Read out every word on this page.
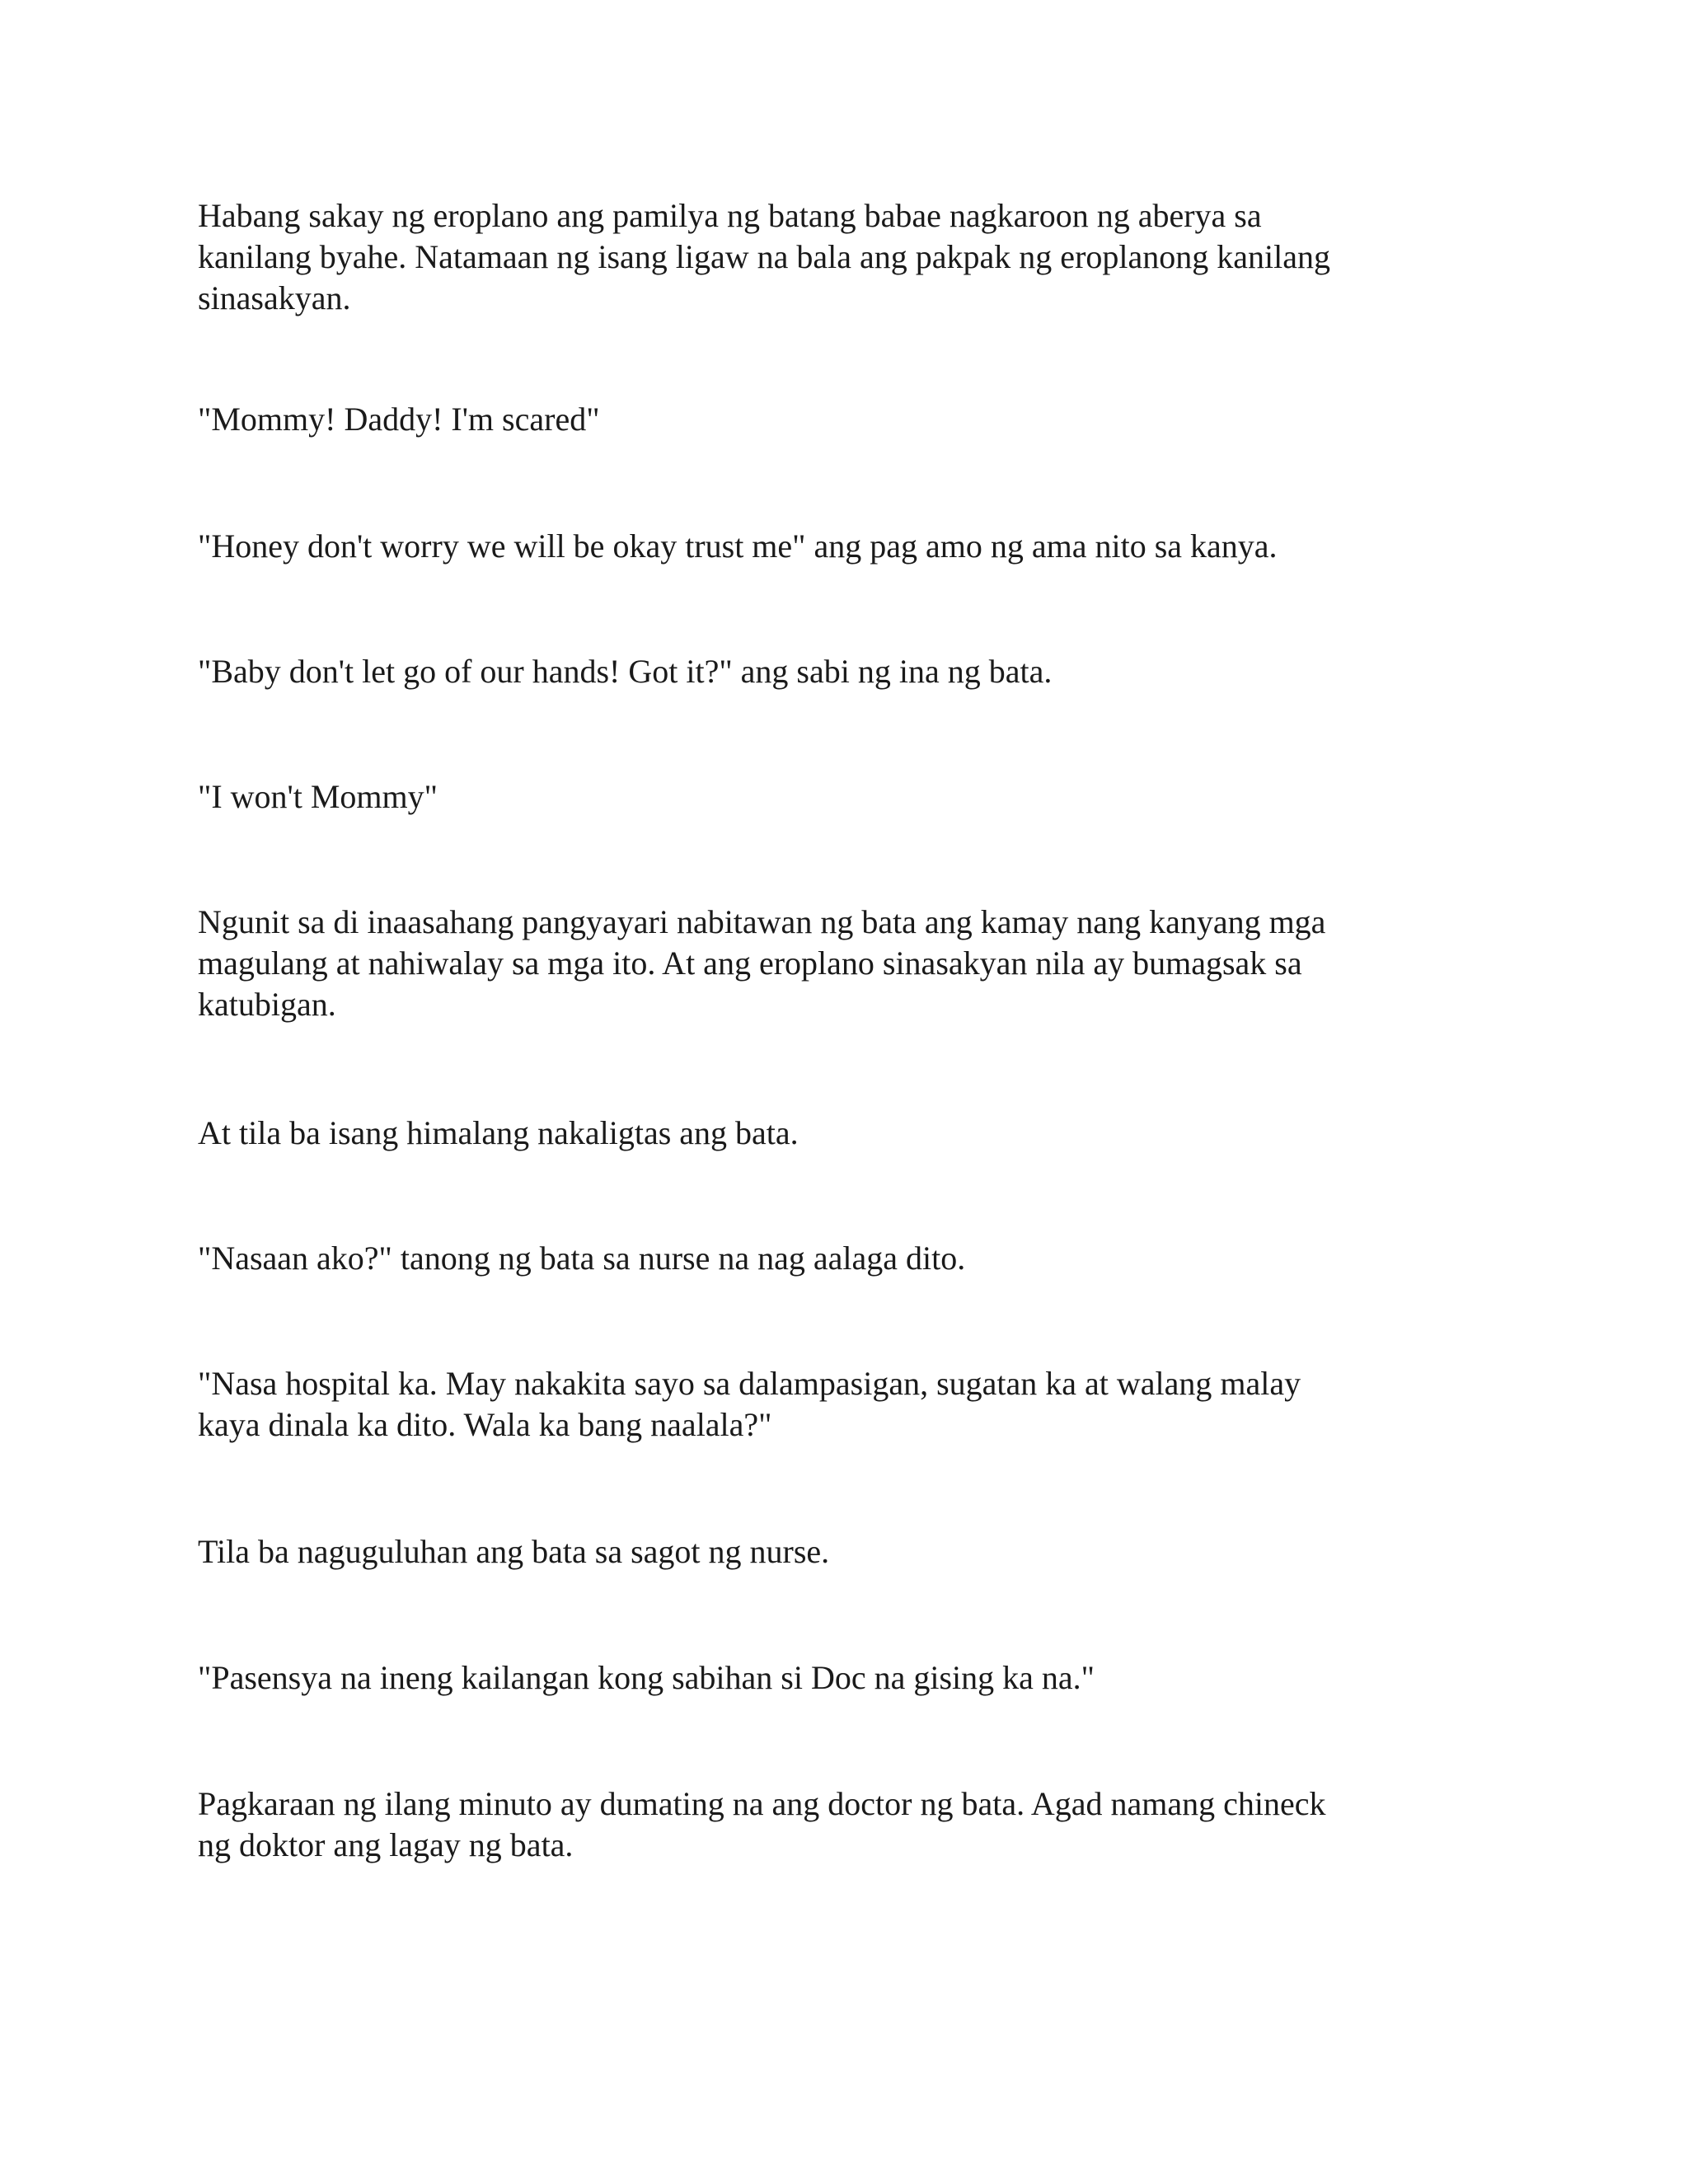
Habang sakay ng eroplano ang pamilya ng batang babae nagkaroon ng aberya sa
kanilang byahe. Natamaan ng isang ligaw na bala ang pakpak ng eroplanong kanilang
sinasakyan.

"Mommy! Daddy! I'm scared"

"Honey don't worry we will be okay trust me" ang pag amo ng ama nito sa kanya.

"Baby don't let go of our hands! Got it?" ang sabi ng ina ng bata.

"I won't Mommy"

Ngunit sa di inaasahang pangyayari nabitawan ng bata ang kamay nang kanyang mga
magulang at nahiwalay sa mga ito. At ang eroplano sinasakyan nila ay bumagsak sa
katubigan.

At tila ba isang himalang nakaligtas ang bata.

"Nasaan ako?" tanong ng bata sa nurse na nag aalaga dito.

"Nasa hospital ka. May nakakita sayo sa dalampasigan, sugatan ka at walang malay
kaya dinala ka dito. Wala ka bang naalala?"

Tila ba naguguluhan ang bata sa sagot ng nurse.

"Pasensya na ineng kailangan kong sabihan si Doc na gising ka na."

Pagkaraan ng ilang minuto ay dumating na ang doctor ng bata. Agad namang chineck
ng doktor ang lagay ng bata.
